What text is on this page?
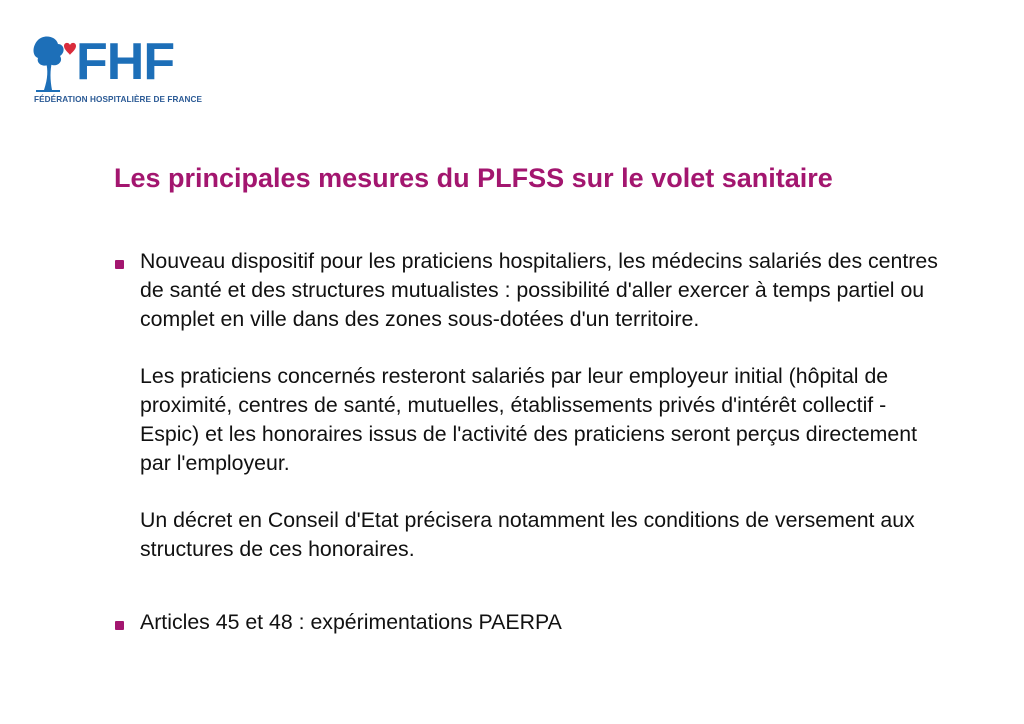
FHF
FÉDÉRATION HOSPITALIÈRE DE FRANCE
Les principales mesures du PLFSS sur le volet sanitaire

Nouveau dispositif pour les praticiens hospitaliers, les médecins salariés des centres de santé et des structures mutualistes : possibilité d'aller exercer à temps partiel ou complet en ville dans des zones sous-dotées d'un territoire.

Les praticiens concernés resteront salariés par leur employeur initial (hôpital de proximité, centres de santé, mutuelles, établissements privés d'intérêt collectif -Espic) et les honoraires issus de l'activité des praticiens seront perçus directement par l'employeur.

Un décret en Conseil d'Etat précisera notamment les conditions de versement aux structures de ces honoraires.

Articles 45 et 48 : expérimentations PAERPA
